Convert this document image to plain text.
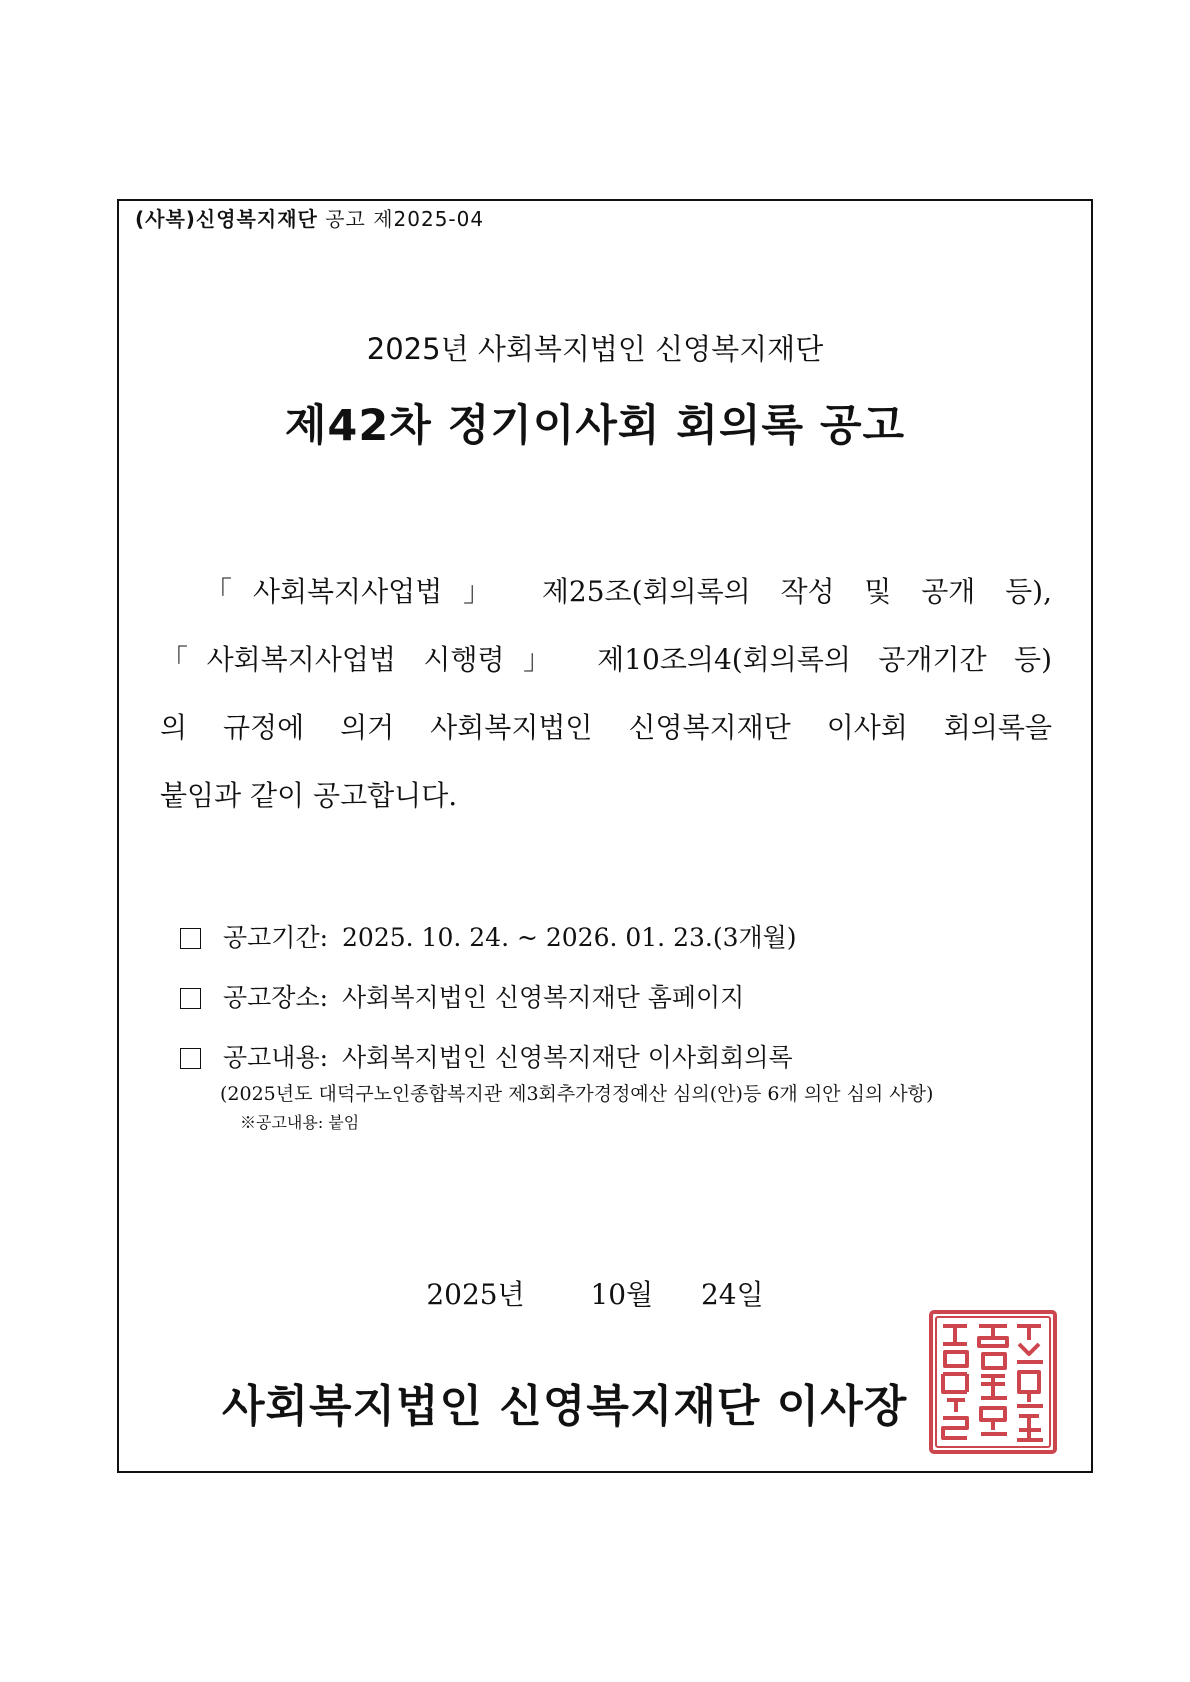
(사복)신영복지재단 공고 제2025-04
2025년 사회복지법인 신영복지재단
제42차 정기이사회 회의록 공고
「사회복지사업법」 제25조(회의록의 작성 및 공개 등),
「사회복지사업법 시행령」 제10조의4(회의록의 공개기간 등)
의 규정에 의거 사회복지법인 신영복지재단 이사회 회의록을
붙임과 같이 공고합니다.
공고기간: 2025. 10. 24. ~ 2026. 01. 23.(3개월)
공고장소: 사회복지법인 신영복지재단 홈페이지
공고내용: 사회복지법인 신영복지재단 이사회회의록
(2025년도 대덕구노인종합복지관 제3회추가경정예산 심의(안)등 6개 의안 심의 사항)
※공고내용: 붙임
2025년 10월 24일
사회복지법인 신영복지재단 이사장
사회복지법인신영복지재단
